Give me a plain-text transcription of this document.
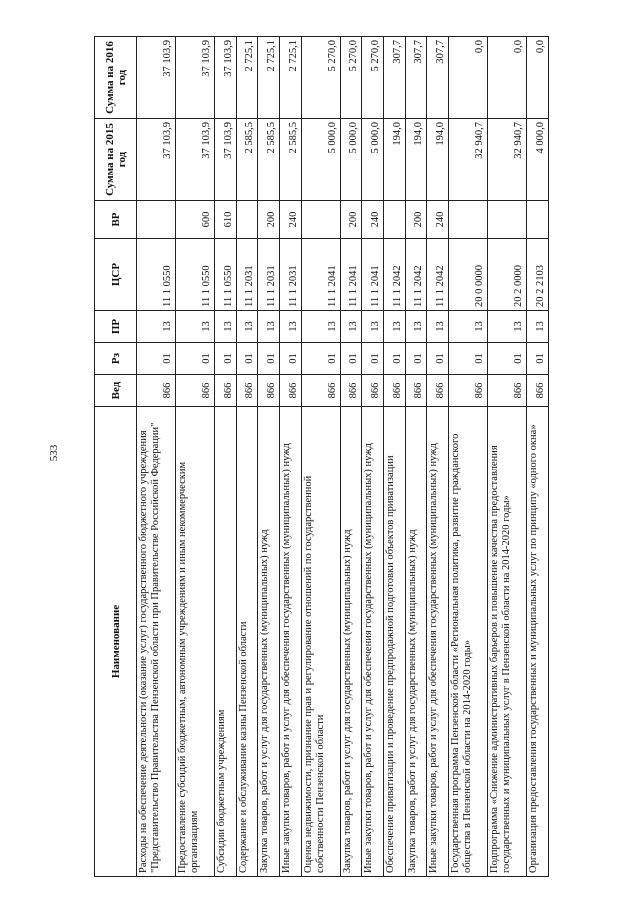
533
Наименование	Вед	Рз	ПР	ЦСР	ВР	Сумма на 2015 год	Сумма на 2016 год
Расходы на обеспечение деятельности (оказание услуг) государственного бюджетного учреждения "Представительство Правительства Пензенской области при Правительстве Российской Федерации"	866	01	13	11 1 0550		37 103,9	37 103,9
Предоставление субсидий бюджетным, автономным учреждениям и иным некоммерческим организациям	866	01	13	11 1 0550	600	37 103,9	37 103,9
Субсидии бюджетным учреждениям	866	01	13	11 1 0550	610	37 103,9	37 103,9
Содержание и обслуживание казны Пензенской области	866	01	13	11 1 2031		2 585,5	2 725,1
Закупка товаров, работ и услуг для государственных (муниципальных) нужд	866	01	13	11 1 2031	200	2 585,5	2 725,1
Иные закупки товаров, работ и услуг для обеспечения государственных (муниципальных) нужд	866	01	13	11 1 2031	240	2 585,5	2 725,1
Оценка недвижимости, признание прав и регулирование отношений по государственной собственности Пензенской области	866	01	13	11 1 2041		5 000,0	5 270,0
Закупка товаров, работ и услуг для государственных (муниципальных) нужд	866	01	13	11 1 2041	200	5 000,0	5 270,0
Иные закупки товаров, работ и услуг для обеспечения государственных (муниципальных) нужд	866	01	13	11 1 2041	240	5 000,0	5 270,0
Обеспечение приватизации и проведение предпродажной подготовки объектов приватизации	866	01	13	11 1 2042		194,0	307,7
Закупка товаров, работ и услуг для государственных (муниципальных) нужд	866	01	13	11 1 2042	200	194,0	307,7
Иные закупки товаров, работ и услуг для обеспечения государственных (муниципальных) нужд	866	01	13	11 1 2042	240	194,0	307,7
Государственная программа Пензенской области «Региональная политика, развитие гражданского общества в Пензенской области на 2014-2020 годы»	866	01	13	20 0 0000		32 940,7	0,0
Подпрограмма «Снижение административных барьеров и повышение качества предоставления государственных и муниципальных услуг в Пензенской области на 2014-2020 годы»	866	01	13	20 2 0000		32 940,7	0,0
Организация предоставления государственных и муниципальных услуг по принципу «одного окна»	866	01	13	20 2 2103		4 000,0	0,0
